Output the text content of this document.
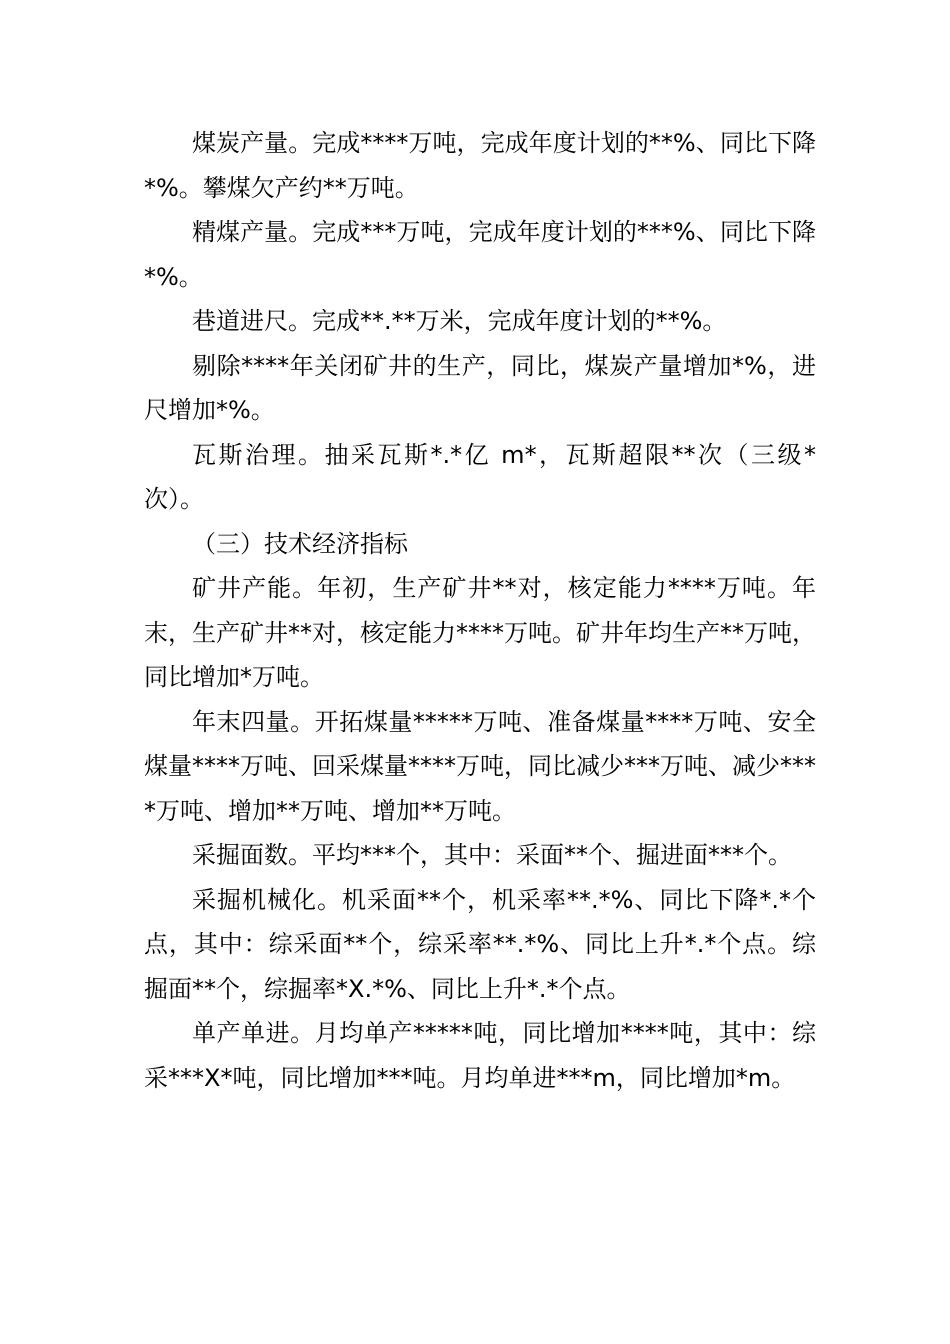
煤炭产量。完成****万吨，完成年度计划的**%、同比下降*%。攀煤欠产约**万吨。

精煤产量。完成***万吨，完成年度计划的***%、同比下降*%。

巷道进尺。完成**.**万米，完成年度计划的**%。

剔除****年关闭矿井的生产，同比，煤炭产量增加*%，进尺增加*%。

瓦斯治理。抽采瓦斯*.*亿 m*，瓦斯超限**次（三级*次）。

（三）技术经济指标

矿井产能。年初，生产矿井**对，核定能力****万吨。年末，生产矿井**对，核定能力****万吨。矿井年均生产**万吨，同比增加*万吨。

年末四量。开拓煤量*****万吨、准备煤量****万吨、安全煤量****万吨、回采煤量****万吨，同比减少***万吨、减少****万吨、增加**万吨、增加**万吨。

采掘面数。平均***个，其中：采面**个、掘进面***个。

采掘机械化。机采面**个，机采率**.*%、同比下降*.*个点，其中：综采面**个，综采率**.*%、同比上升*.*个点。综掘面**个，综掘率*X.*%、同比上升*.*个点。

单产单进。月均单产*****吨，同比增加****吨，其中：综采***X*吨，同比增加***吨。月均单进***m，同比增加*m。
